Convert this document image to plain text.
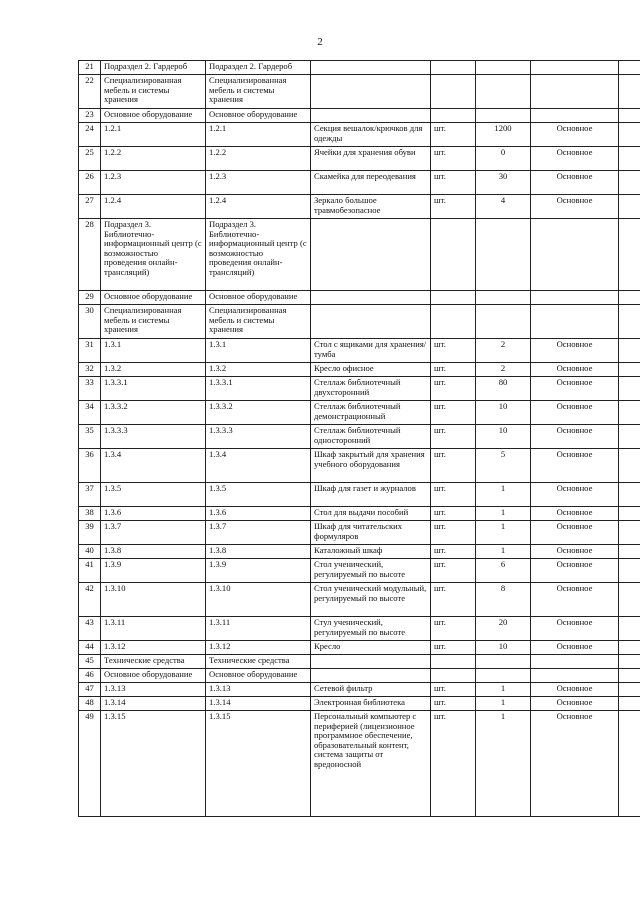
2
21	Подраздел 2. Гардероб	Подраздел 2. Гардероб					
22	Специализированная мебель и системы хранения	Специализированная мебель и системы хранения					
23	Основное оборудование	Основное оборудование					
24	1.2.1	1.2.1	Секция вешалок/крючков для одежды	шт.	1200	Основное	
25	1.2.2	1.2.2	Ячейки для хранения обуви	шт.	0	Основное	
26	1.2.3	1.2.3	Скамейка для переодевания	шт.	30	Основное	
27	1.2.4	1.2.4	Зеркало большое травмобезопасное	шт.	4	Основное	
28	Подраздел 3. Библиотечно-информационный центр (с возможностью проведения онлайн-трансляций)	Подраздел 3. Библиотечно-информационный центр (с возможностью проведения онлайн-трансляций)					
29	Основное оборудование	Основное оборудование					
30	Специализированная мебель и системы хранения	Специализированная мебель и системы хранения					
31	1.3.1	1.3.1	Стол с ящиками для хранения/тумба	шт.	2	Основное	
32	1.3.2	1.3.2	Кресло офисное	шт.	2	Основное	
33	1.3.3.1	1.3.3.1	Стеллаж библиотечный двухсторонний	шт.	80	Основное	
34	1.3.3.2	1.3.3.2	Стеллаж библиотечный демонстрационный	шт.	10	Основное	
35	1.3.3.3	1.3.3.3	Стеллаж библиотечный односторонний	шт.	10	Основное	
36	1.3.4	1.3.4	Шкаф закрытый для хранения учебного оборудования	шт.	5	Основное	
37	1.3.5	1.3.5	Шкаф для газет и журналов	шт.	1	Основное	
38	1.3.6	1.3.6	Стол для выдачи пособий	шт.	1	Основное	
39	1.3.7	1.3.7	Шкаф для читательских формуляров	шт.	1	Основное	
40	1.3.8	1.3.8	Каталожный шкаф	шт.	1	Основное	
41	1.3.9	1.3.9	Стол ученический, регулируемый по высоте	шт.	6	Основное	
42	1.3.10	1.3.10	Стол ученический модульный, регулируемый по высоте	шт.	8	Основное	
43	1.3.11	1.3.11	Стул ученический, регулируемый по высоте	шт.	20	Основное	
44	1.3.12	1.3.12	Кресло	шт.	10	Основное	
45	Технические средства	Технические средства					
46	Основное оборудование	Основное оборудование					
47	1.3.13	1.3.13	Сетевой фильтр	шт.	1	Основное	
48	1.3.14	1.3.14	Электронная библиотека	шт.	1	Основное	
49	1.3.15	1.3.15	Персональный компьютер с периферией (лицензионное программное обеспечение, образовательный контент, система защиты от вредоносной	шт.	1	Основное	
